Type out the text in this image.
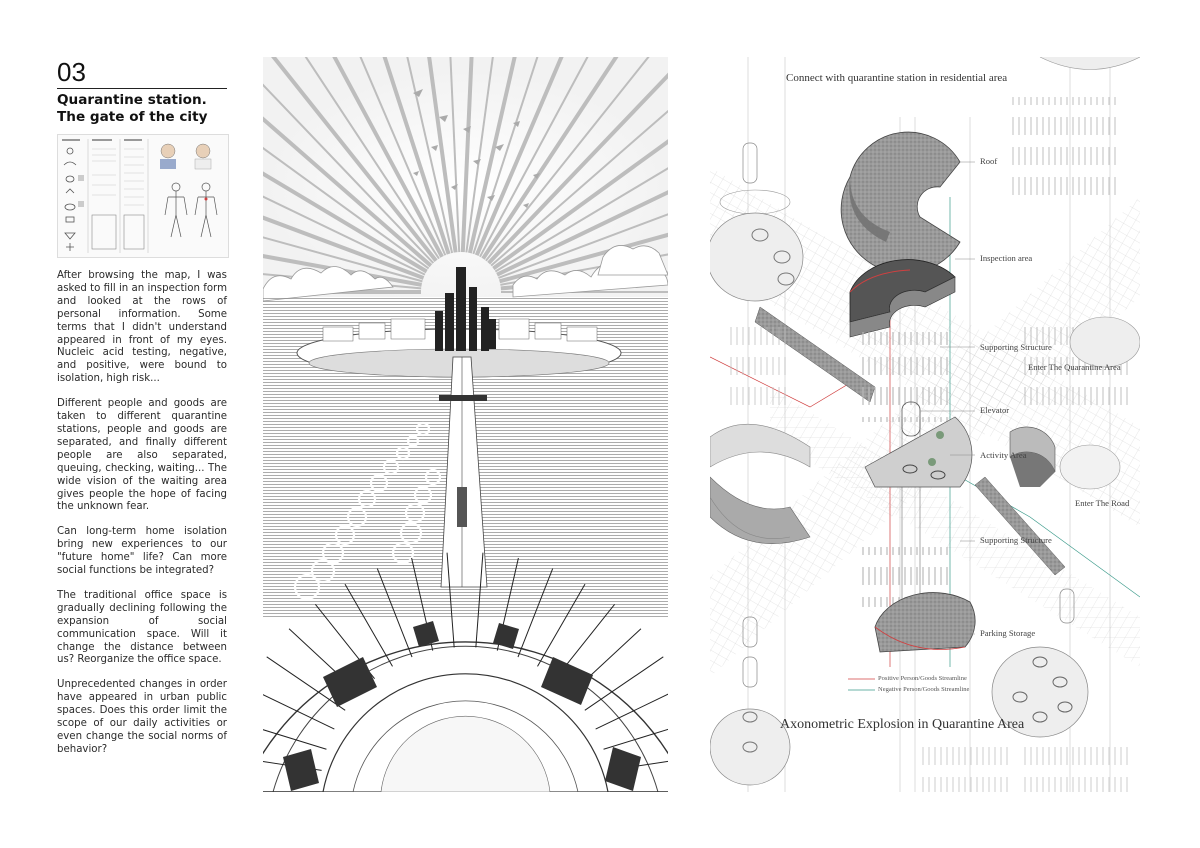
03
Quarantine station.
The gate of the city

After browsing the map, I was asked to fill in an inspection form and looked at the rows of personal information. Some terms that I didn't understand appeared in front of my eyes. Nucleic acid testing, negative, and positive, were bound to isolation, high risk...

Different people and goods are taken to different quarantine stations, people and goods are separated, and finally different people are also separated, queuing, checking, waiting... The wide vision of the waiting area gives people the hope of facing the unknown fear.

Can long-term home isolation bring new experiences to our "future home" life? Can more social functions be integrated?

The traditional office space is gradually declining following the expansion of social communication space. Will it change the distance between us? Reorganize the office space.

Unprecedented changes in order have appeared in urban public spaces. Does this order limit the scope of our daily activities or even change the social norms of behavior?

Connect with quarantine station in residential area
Roof
Inspection area
Supporting Structure
Enter The Quarantine Area
Elevator
Activity Area
Enter The Road
Supporting Structure
Parking Storage
Positive Person/Goods Streamline
Negative Person/Goods Streamline
Axonometric Explosion in Quarantine Area
